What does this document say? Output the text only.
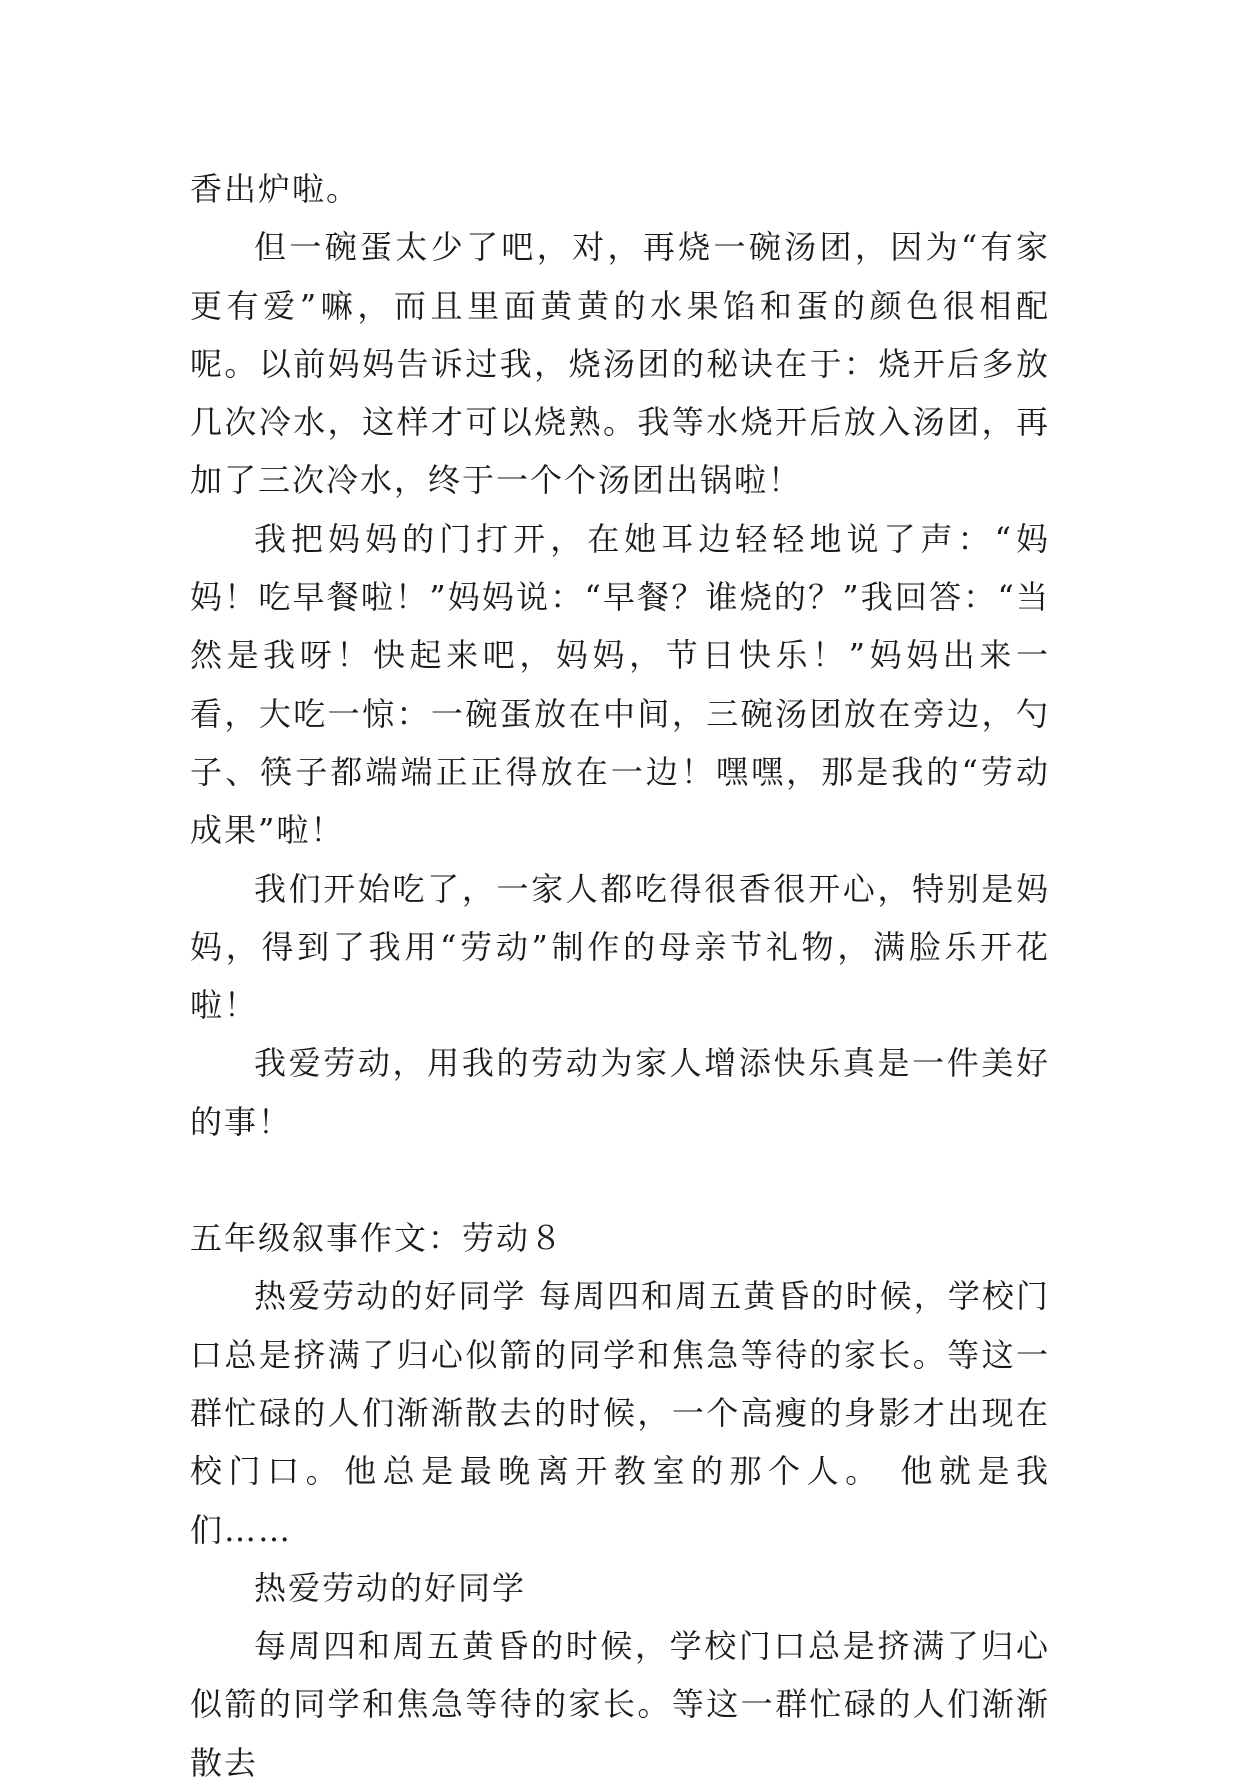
香出炉啦。

但一碗蛋太少了吧，对，再烧一碗汤团，因为“有家更有爱”嘛，而且里面黄黄的水果馅和蛋的颜色很相配呢。以前妈妈告诉过我，烧汤团的秘诀在于：烧开后多放几次冷水，这样才可以烧熟。我等水烧开后放入汤团，再加了三次冷水，终于一个个汤团出锅啦！

我把妈妈的门打开，在她耳边轻轻地说了声：“妈妈！吃早餐啦！”妈妈说：“早餐？谁烧的？”我回答：“当然是我呀！快起来吧，妈妈，节日快乐！”妈妈出来一看，大吃一惊：一碗蛋放在中间，三碗汤团放在旁边，勺子、筷子都端端正正得放在一边！嘿嘿，那是我的“劳动成果”啦！

我们开始吃了，一家人都吃得很香很开心，特别是妈妈，得到了我用“劳动”制作的母亲节礼物，满脸乐开花啦！

我爱劳动，用我的劳动为家人增添快乐真是一件美好的事！

五年级叙事作文：劳动８

热爱劳动的好同学 每周四和周五黄昏的时候，学校门口总是挤满了归心似箭的同学和焦急等待的家长。等这一群忙碌的人们渐渐散去的时候，一个高瘦的身影才出现在校门口。他总是最晚离开教室的那个人。 他就是我们……

热爱劳动的好同学

每周四和周五黄昏的时候，学校门口总是挤满了归心似箭的同学和焦急等待的家长。等这一群忙碌的人们渐渐散去
